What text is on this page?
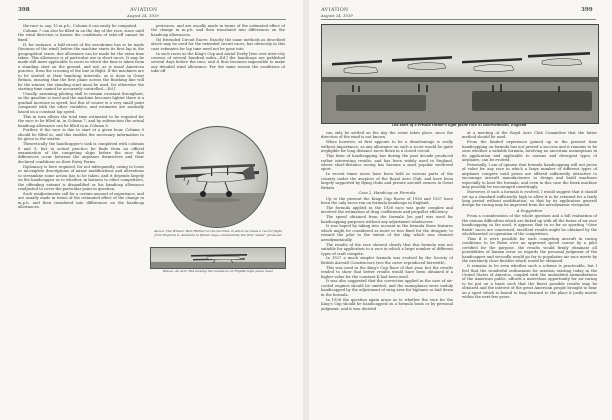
398	AVIATION
August 24, 1929

the race is, say, 15 m.p.h., Column 6 can easily be computed.

Column 7 can also be filled in on the day of the race, since until the wind direction is known the conditions of take-off cannot be fixed.

If, for instance, a half-circuit of the aerodrome has to be made (because of the wind) before the machine starts its first lap in the geographical sense, due allowance can be made for the extra time taken. This allowance is of particular use in short races. It may be made still more applicable to races in which the time is taken from a standing start on the ground, and not, as is usual American practice, from the crossing of the line in flight. If the machines are to be started at their handicap intervals, as is done in Great Britain, insuring that the first plane across the finishing line will be the winner, the standing start must be used, for otherwise the starting time cannot be accurately controlled.—Ed.]

Usually, assuming piloting skill to remain constant throughout, as the gasoline is used and the machine becomes lighter there is a gradual increase in speed, but this of course is a very small point compared with the other variables, and estimates are normally based on a constant lap speed.

This in turn allows the total time estimated to be required for the race to be filled in, in Column 7, and by subtraction the actual handicap allowance can be filled in in Column 8.

Further, if the race is due to start at a given hour, Column 9 should be filled in, and this enables the necessary information to be given to the starter.

Theoretically the handicapper's task is completed with columns 8 and 9, but in actual practice he finds from an official examination of the competing ships before the race that differences occur between the airplanes themselves and their declared conditions on their Entry Forms.

Diplomacy is here required, for not infrequently, owing to loose or incomplete descriptions of minor modifications and alterations to streamline some action has to be taken, and it depends largely on the handicapper as to whether, in fairness to other competitors, the offending entrant is disqualified or his handicap allowance readjusted to cover the particular point in question.

Such readjustments call for a certain amount of experience, and are usually made in terms of the estimated effect of the change in m.p.h. and then translated into differences on the handicap allowances.

periences, and are usually made in terms of the estimated effect of the change in m.p.h. and then translated into differences on the handicap allowances.

(b) Extended Circuit Races: Exactly the same methods as described above may be used for the extended circuit races, but obviously in this case estimates for lap time need not be gone into.

In such races as the King's Cup and Aerial Derby [two over inter-city courses of several hundred miles—Ed.] the handicaps are published several days before the race, and it thus becomes impossible to make any detailed wind allowance. For the same reason the conditions of take-off

Above: The Winner. Bert Hinkler in the machine in which he made a record flight from England to Australia in fifteen days—incidentally the first "Avian" produced
Below: An Avro 504 making the rounds at an English light plane meet
AVIATION
August 24, 1929
399
The start of a Private Owner's light plane race at Bournemouth, England

can only be settled on the day the event takes place, since the direction of the wind is not known.

When however, at first appears to be a disadvantage is really without importance, as any allowance on such a score would be quite negligible for long distance races flown in a closed circuit.

This form of handicapping has during the past decade produced rather interesting results, and has been widely used in England, where short-distance racing has become a most popular week-end sport.

In recent times races have been held in various parts of the country under the auspices of the Royal Aero Club, and have been largely supported by flying clubs and private aircraft owners in Great Britain.

Case 2, Handicap on Formula

Up to the present the Kings Cup Races of 1926 and 1927 have been the only races run on formula handicaps in England.

The formula applied in the 1926 race was quite complex and involved the estimation of drag coefficients and propeller efficiency.

The speed obtained from the formula [on par] was used for handicapping purposes without any adjustment whatsoever.

It was hoped by taking into account in the formula those features which might be considered as more or less fixed for the designer, to reward the pilot to the extent of the ship which was cleanest aerodynamically.

The results of the race showed clearly that this formula was not suitable for application to a race in which a large number of different types of craft compete.

In 1927 a much simpler formula was evolved by the Society of British Aircraft Constructors (see the curve reproduced herewith).

This was used in the King's Cup Race of that year, but the results tended to show that better results would have been obtained if a higher value for the constant K had been used.

It was also suggested that the correction applied in the case of air-cooled engines should be omitted, and the monoplanes were unduly handicapped by the adjustment of wing area for biplanes as laid down in the formula.

In 1928 the question again arose as to whether the race for the King's Cup should be handicapped on a formula basis or by personal judgment, and it was decided

at a meeting of the Royal Aero Club Committee that the latter method should be used.

From the limited experience gained up to the present time handicapping on formula has not proved a success and it remains to be seen whether a suitable formula, involving no uncertain assumptions in its application and applicable to various and divergent types of airplanes, can be evolved.

Personally, I am of opinion that formula handicapping will not prove of value for any race in which a large number of different types of airplanes compete until prizes are offered sufficiently attractive to encourage aircraft manufacturers to design and build machines especially to beat the formula, and even in this case the freak machine may possibly be encouraged unwittingly.

Moreover, if such a formula is evolved, I would suggest that it should set up a standard sufficiently high to allow it to be retained for a fairly long period without modification, so that by its application general design for racing may be improved from the aerodynamic viewpoint.

A Suggestion

From a consideration of the whole question and a full realization of the various difficulties which are linked up with all the forms of air race handicapping so far used, it appears that in so far as sporting "close finish" races are concerned, excellent results might be obtained by the wholehearted co-operation of the competitors.

Thus if it were possible for each competing aircraft in racing conditions to be flown over an approved speed course by a pilot certified for the purpose, the results would firmly eliminate all possibilities of human error as regards the personal judgment of the handicapper and secondly would go far to popularize air race meets by the extremely close finishes which would be obtained.

It remains to be seen whether such a scheme is practicable, but I feel that the wonderful enthusiasm for aviation existing today in the United States of America, coupled with the undoubted airmindedness of the American public, affords a marvelous opportunity for air racing to be put on a basis such that the finest possible results may be obtained and the interest of the great American people brought to bear on a sport which is bound to leap forward to the place it justly merits within the next few years.
